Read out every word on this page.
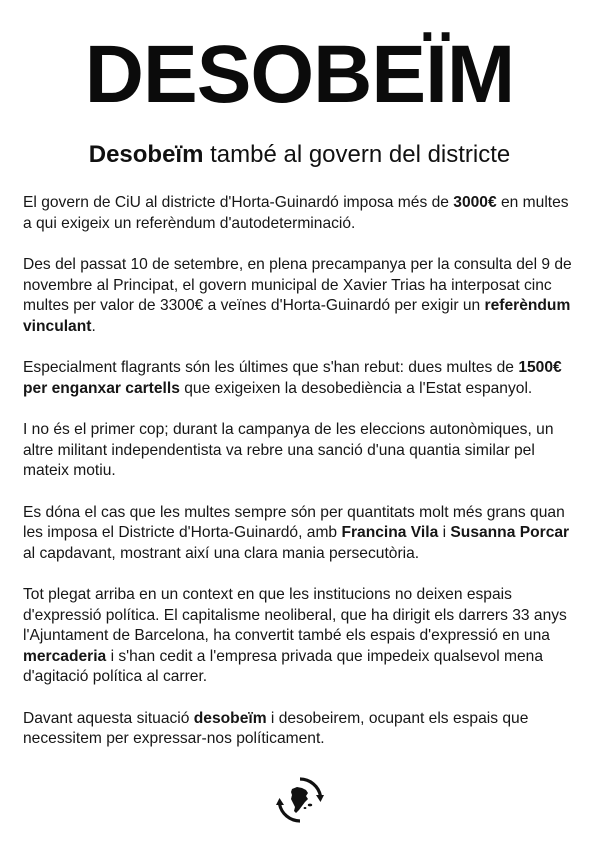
DESOBEÏM
Desobeïm també al govern del districte

El govern de CiU al districte d'Horta-Guinardó imposa més de 3000€ en multes a qui exigeix un referèndum d'autodeterminació.

Des del passat 10 de setembre, en plena precampanya per la consulta del 9 de novembre al Principat, el govern municipal de Xavier Trias ha interposat cinc multes per valor de 3300€ a veïnes d'Horta-Guinardó per exigir un referèndum vinculant.

Especialment flagrants són les últimes que s'han rebut: dues multes de 1500€ per enganxar cartells que exigeixen la desobediència a l'Estat espanyol.

I no és el primer cop; durant la campanya de les eleccions autonòmiques, un altre militant independentista va rebre una sanció d'una quantia similar pel mateix motiu.

Es dóna el cas que les multes sempre són per quantitats molt més grans quan les imposa el Districte d'Horta-Guinardó, amb Francina Vila i Susanna Porcar al capdavant, mostrant així una clara mania persecutòria.

Tot plegat arriba en un context en que les institucions no deixen espais d'expressió política. El capitalisme neoliberal, que ha dirigit els darrers 33 anys l'Ajuntament de Barcelona, ha convertit també els espais d'expressió en una mercaderia i s'han cedit a l'empresa privada que impedeix qualsevol mena d'agitació política al carrer.

Davant aquesta situació desobeïm i desobeirem, ocupant els espais que necessitem per expressar-nos políticament.
